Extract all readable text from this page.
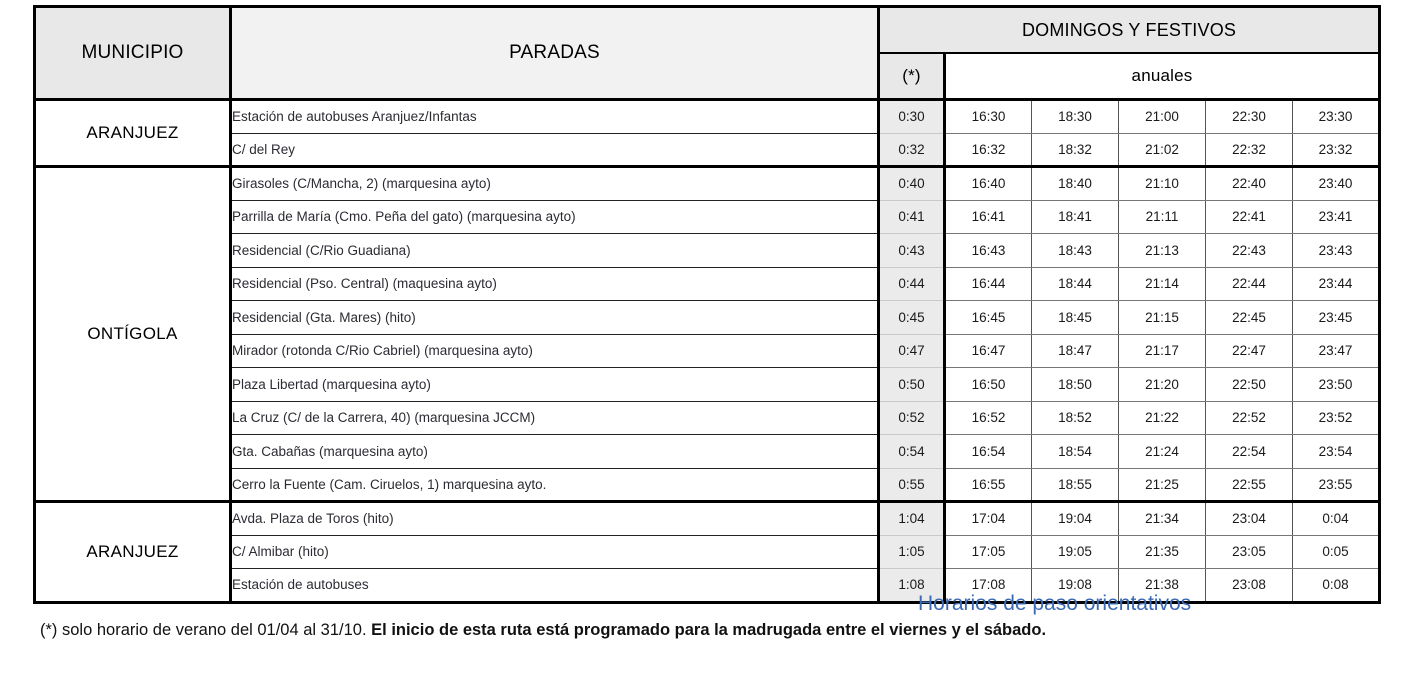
MUNICIPIO	PARADAS	DOMINGOS Y FESTIVOS					
		(*)	anuales				
ARANJUEZ	Estación de autobuses Aranjuez/Infantas	0:30	16:30	18:30	21:00	22:30	23:30
	C/ del Rey	0:32	16:32	18:32	21:02	22:32	23:32
ONTÍGOLA	Girasoles (C/Mancha, 2) (marquesina ayto)	0:40	16:40	18:40	21:10	22:40	23:40
	Parrilla de María (Cmo. Peña del gato) (marquesina ayto)	0:41	16:41	18:41	21:11	22:41	23:41
	Residencial (C/Rio Guadiana)	0:43	16:43	18:43	21:13	22:43	23:43
	Residencial (Pso. Central) (maquesina ayto)	0:44	16:44	18:44	21:14	22:44	23:44
	Residencial (Gta. Mares) (hito)	0:45	16:45	18:45	21:15	22:45	23:45
	Mirador (rotonda C/Rio Cabriel) (marquesina ayto)	0:47	16:47	18:47	21:17	22:47	23:47
	Plaza Libertad (marquesina ayto)	0:50	16:50	18:50	21:20	22:50	23:50
	La Cruz (C/ de la Carrera, 40) (marquesina JCCM)	0:52	16:52	18:52	21:22	22:52	23:52
	Gta. Cabañas (marquesina ayto)	0:54	16:54	18:54	21:24	22:54	23:54
	Cerro la Fuente (Cam. Ciruelos, 1) marquesina ayto.	0:55	16:55	18:55	21:25	22:55	23:55
ARANJUEZ	Avda. Plaza de Toros (hito)	1:04	17:04	19:04	21:34	23:04	0:04
	C/ Almibar (hito)	1:05	17:05	19:05	21:35	23:05	0:05
	Estación de autobuses	1:08	17:08	19:08	21:38	23:08	0:08
Horarios de paso orientativos
(*) solo horario de verano del 01/04 al 31/10. El inicio de esta ruta está programado para la madrugada entre el viernes y el sábado.
